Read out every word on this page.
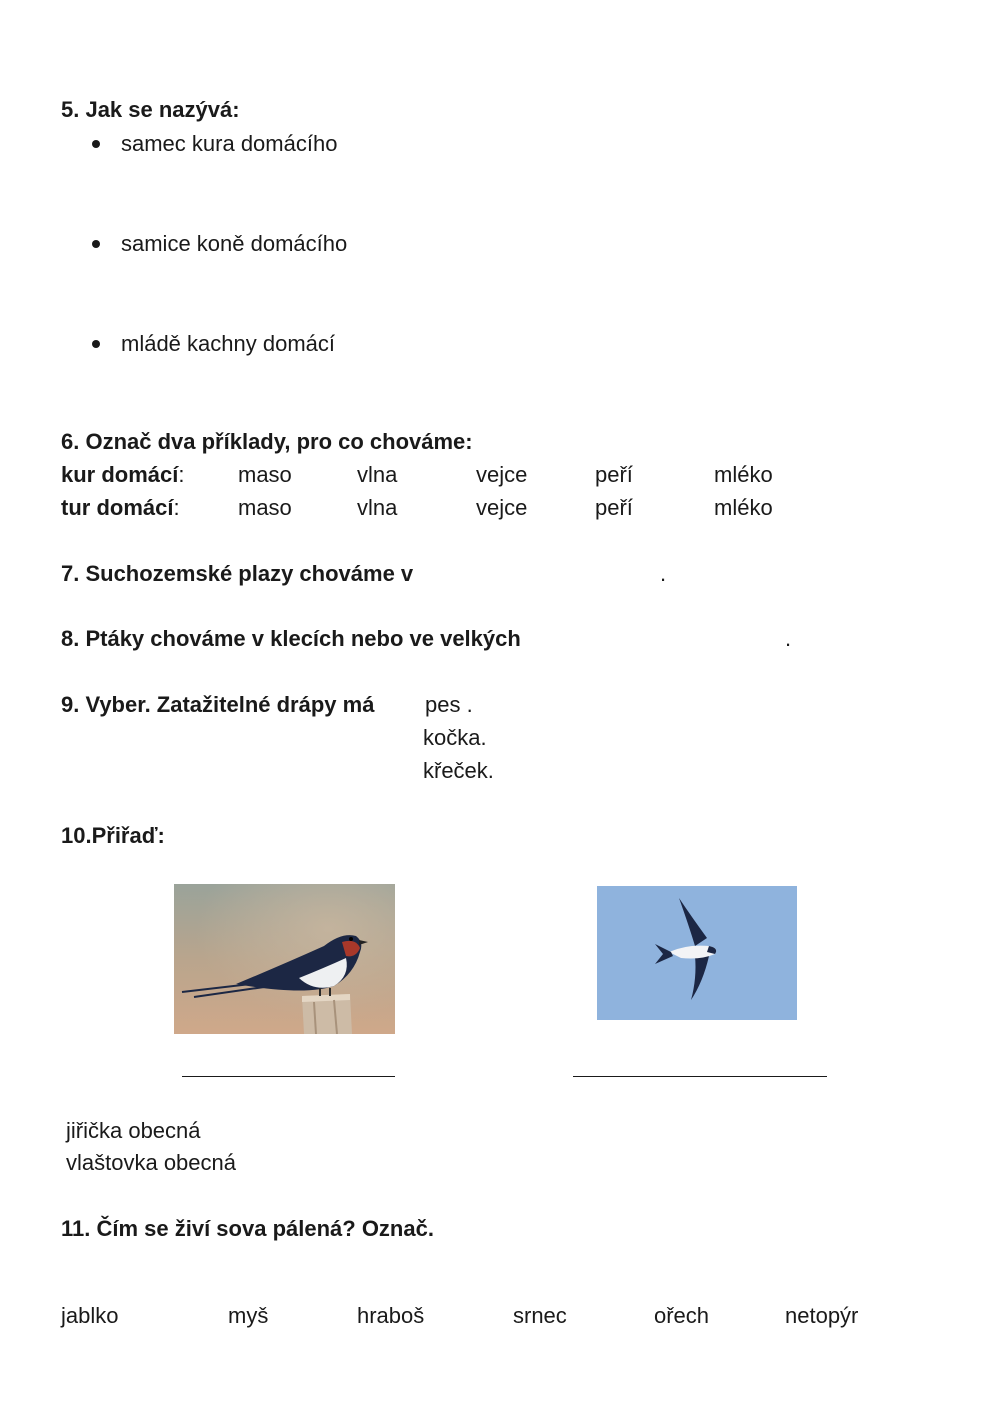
5. Jak se nazývá:
samec kura domácího
samice koně domácího
mládě kachny domácí
6. Označ dva příklady, pro co chováme:
kur domácí: maso	vlna	vejce	peří	mléko
tur domácí:	maso	vlna	vejce	peří	mléko
7. Suchozemské plazy chováme v	.
8. Ptáky chováme v klecích nebo ve velkých	.
9. Vyber. Zatažitelné drápy má pes .
kočka.
křeček.
10.Přiřaď:
jiřička obecná
vlaštovka obecná
11. Čím se živí sova pálená? Označ.
jablko	myš	hraboš	srnec	ořech	netopýr
